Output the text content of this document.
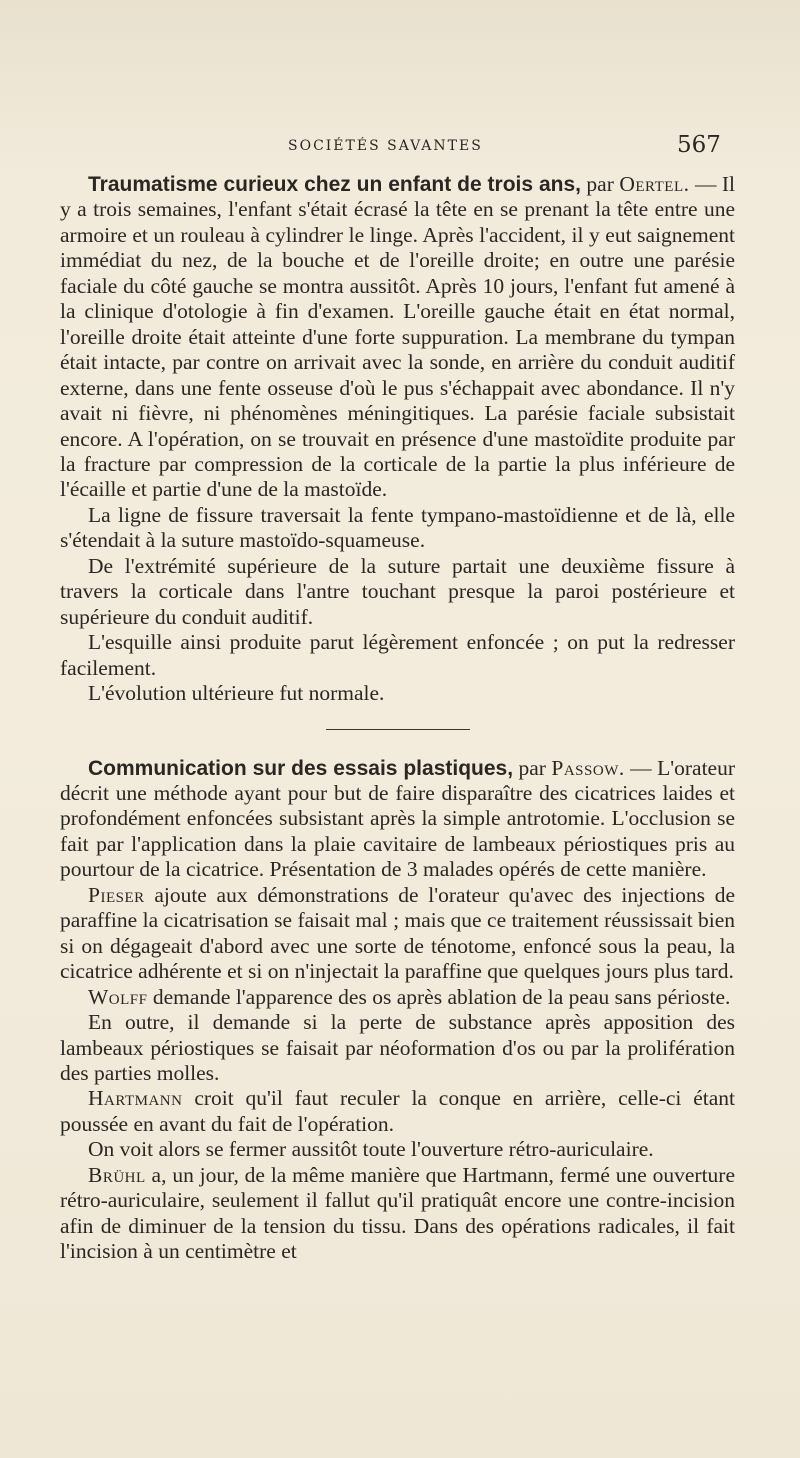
SOCIÉTÉS SAVANTES	567

Traumatisme curieux chez un enfant de trois ans, par Oertel. — Il y a trois semaines, l'enfant s'était écrasé la tête en se prenant la tête entre une armoire et un rouleau à cylindrer le linge. Après l'accident, il y eut saignement immédiat du nez, de la bouche et de l'oreille droite; en outre une parésie faciale du côté gauche se montra aussitôt. Après 10 jours, l'enfant fut amené à la clinique d'otologie à fin d'examen. L'oreille gauche était en état normal, l'oreille droite était atteinte d'une forte suppuration. La membrane du tympan était intacte, par contre on arrivait avec la sonde, en arrière du conduit auditif externe, dans une fente osseuse d'où le pus s'échappait avec abondance. Il n'y avait ni fièvre, ni phénomènes méningitiques. La parésie faciale subsistait encore. A l'opération, on se trouvait en présence d'une mastoïdite produite par la fracture par compression de la corticale de la partie la plus inférieure de l'écaille et partie d'une de la mastoïde.

La ligne de fissure traversait la fente tympano-mastoïdienne et de là, elle s'étendait à la suture mastoïdo-squameuse.

De l'extrémité supérieure de la suture partait une deuxième fissure à travers la corticale dans l'antre touchant presque la paroi postérieure et supérieure du conduit auditif.

L'esquille ainsi produite parut légèrement enfoncée ; on put la redresser facilement.

L'évolution ultérieure fut normale.

Communication sur des essais plastiques, par Passow. — L'orateur décrit une méthode ayant pour but de faire disparaître des cicatrices laides et profondément enfoncées subsistant après la simple antrotomie. L'occlusion se fait par l'application dans la plaie cavitaire de lambeaux périostiques pris au pourtour de la cicatrice. Présentation de 3 malades opérés de cette manière.

Pieser ajoute aux démonstrations de l'orateur qu'avec des injections de paraffine la cicatrisation se faisait mal ; mais que ce traitement réussissait bien si on dégageait d'abord avec une sorte de ténotome, enfoncé sous la peau, la cicatrice adhérente et si on n'injectait la paraffine que quelques jours plus tard.

Wolff demande l'apparence des os après ablation de la peau sans périoste.

En outre, il demande si la perte de substance après apposition des lambeaux périostiques se faisait par néoformation d'os ou par la prolifération des parties molles.

Hartmann croit qu'il faut reculer la conque en arrière, celle-ci étant poussée en avant du fait de l'opération.

On voit alors se fermer aussitôt toute l'ouverture rétro-auriculaire.

Brühl a, un jour, de la même manière que Hartmann, fermé une ouverture rétro-auriculaire, seulement il fallut qu'il pratiquât encore une contre-incision afin de diminuer de la tension du tissu. Dans des opérations radicales, il fait l'incision à un centimètre et
